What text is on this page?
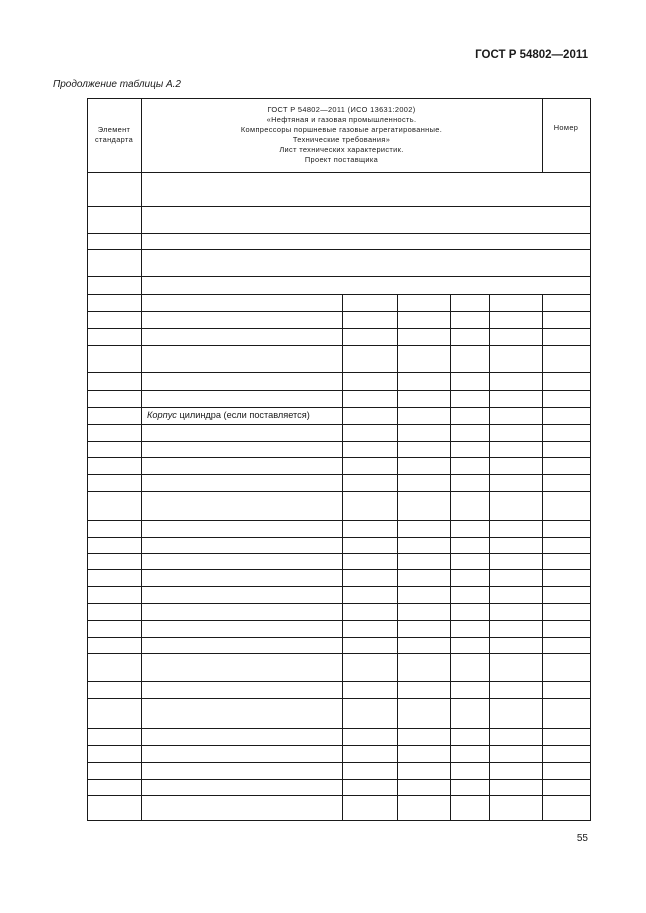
ГОСТ Р 54802—2011
Продолжение таблицы А.2
Элемент
стандарта
ГОСТ Р 54802—2011 (ИСО 13631:2002)
«Нефтяная и газовая промышленность.
Компрессоры поршневые газовые агрегатированные.
Технические требования»
Лист технических характеристик.
Проект поставщика
Номер
Корпус цилиндра (если поставляется)
55
